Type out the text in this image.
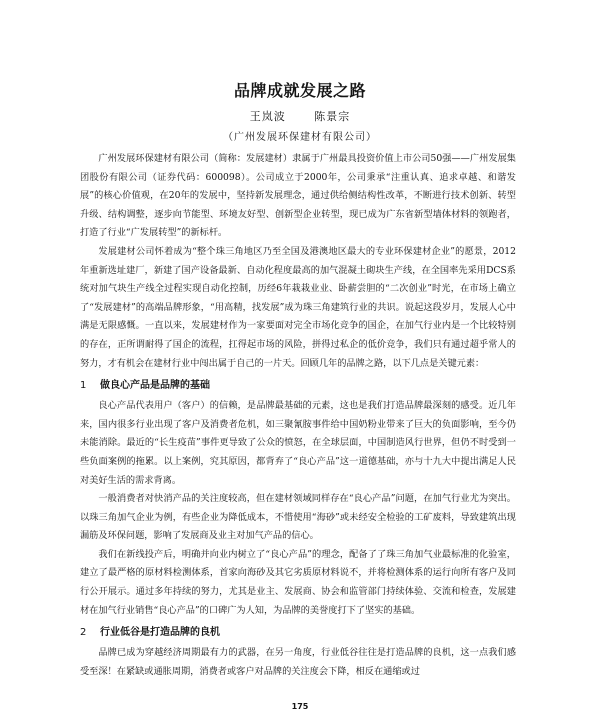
品牌成就发展之路
王岚波	陈景宗
（广州发展环保建材有限公司）

广州发展环保建材有限公司（简称：发展建材）隶属于广州最具投资价值上市公司50强——广州发展集团股份有限公司（证券代码：600098）。公司成立于2000年，公司秉承“注重认真、追求卓越、和谐发展”的核心价值观，在20年的发展中，坚持新发展理念，通过供给侧结构性改革，不断进行技术创新、转型升级、结构调整，逐步向节能型、环境友好型、创新型企业转型，现已成为广东省新型墙体材料的领跑者，打造了行业“广发展转型”的新标杆。

发展建材公司怀着成为“整个珠三角地区乃至全国及港澳地区最大的专业环保建材企业”的愿景，2012年重新选址建厂，新建了国产设备最新、自动化程度最高的加气混凝土砌块生产线，在全国率先采用DCS系统对加气块生产线全过程实现自动化控制，历经6年栽栽业业、卧薪尝胆的“二次创业”时光，在市场上确立了“发展建材”的高端品牌形象，“用高精，找发展”成为珠三角建筑行业的共识。说起这段岁月，发展人心中满是无限感慨。一直以来，发展建材作为一家要面对完全市场化竞争的国企，在加气行业内是一个比较特别的存在，正所谓耐得了国企的流程，扛得起市场的风险，拼得过私企的低价竞争，我们只有通过超乎常人的努力，才有机会在建材行业中闯出属于自己的一片天。回顾几年的品牌之路，以下几点是关键元素：

1 做良心产品是品牌的基础

良心产品代表用户（客户）的信赖，是品牌最基础的元素，这也是我们打造品牌最深刻的感受。近几年来，国内很多行业出现了客户及消费者危机，如三聚氰胺事件给中国奶粉业带来了巨大的负面影响，至今仍未能消除。最近的“长生疫苗”事件更导致了公众的愤怒，在全球层面，中国制造风行世界，但仍不时受到一些负面案例的拖累。以上案例，究其原因，都背弃了“良心产品”这一道德基础，亦与十九大中提出满足人民对美好生活的需求背离。

一般消费者对快消产品的关注度较高，但在建材领域同样存在“良心产品”问题，在加气行业尤为突出。以珠三角加气企业为例，有些企业为降低成本，不惜使用“海砂”或未经安全检验的工矿废料，导致建筑出现漏筋及环保问题，影响了发展商及业主对加气产品的信心。

我们在新线投产后，明确并向业内树立了“良心产品”的理念，配备了了珠三角加气业最标准的化验室，建立了最严格的原材料检测体系，首家向海砂及其它劣质原材料说不，并将检测体系的运行向所有客户及同行公开展示。通过多年持续的努力，尤其是业主、发展商、协会和监管部门持续体验、交流和检查，发展建材在加气行业销售“良心产品”的口碑广为人知，为品牌的美誉度打下了坚实的基础。

2 行业低谷是打造品牌的良机

品牌已成为穿越经济周期最有力的武器，在另一角度，行业低谷往往是打造品牌的良机，这一点我们感受至深！在紧缺或通胀周期，消费者或客户对品牌的关注度会下降，相反在通缩或过

175
